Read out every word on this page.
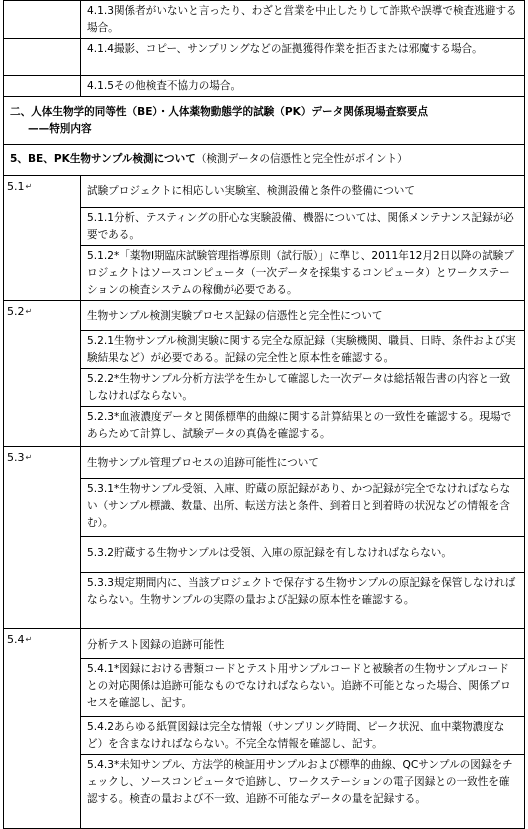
	4.1.3関係者がいないと言ったり、わざと営業を中止したりして詐欺や誤導で検査逃避する場合。
	4.1.4撮影、コピー、サンプリングなどの証拠獲得作業を拒否または邪魔する場合。
	4.1.5その他検査不協力の場合。

二、人体生物学的同等性（BE）・人体薬物動態学的試験（PK）データ関係現場査察要点
——特別内容	

5、BE、PK生物サンプル検測について（検測データの信憑性と完全性がポイント）	
5.1↵	試験プロジェクトに相応しい実験室、検測設備と条件の整備について
	5.1.1分析、テスティングの肝心な実験設備、機器については、関係メンテナンス記録が必要である。
	5.1.2*「薬物Ⅰ期臨床試験管理指導原則（試行版）」に準じ、2011年12月2日以降の試験プロジェクトはソースコンピュータ（一次データを採集するコンピュータ）とワークステーションの検査システムの稼働が必要である。
5.2↵	生物サンプル検測実験プロセス記録の信憑性と完全性について
	5.2.1生物サンプル検測実験に関する完全な原記録（実験機関、職員、日時、条件および実験結果など）が必要である。記録の完全性と原本性を確認する。
	5.2.2*生物サンプル分析方法学を生かして確認した一次データは総括報告書の内容と一致しなければならない。
	5.2.3*血液濃度データと関係標準的曲線に関する計算結果との一致性を確認する。現場であらためて計算し、試験データの真偽を確認する。
5.3↵	生物サンプル管理プロセスの追跡可能性について
	5.3.1*生物サンプル受領、入庫、貯蔵の原記録があり、かつ記録が完全でなければならない（サンプル標識、数量、出所、転送方法と条件、到着日と到着時の状況などの情報を含む）。
	5.3.2貯蔵する生物サンプルは受領、入庫の原記録を有しなければならない。
	5.3.3規定期間内に、当該プロジェクトで保存する生物サンプルの原記録を保管しなければならない。生物サンプルの実際の量および記録の原本性を確認する。
5.4↵	分析テスト図録の追跡可能性
	5.4.1*図録における書類コードとテスト用サンプルコードと被験者の生物サンプルコードとの対応関係は追跡可能なものでなければならない。追跡不可能となった場合、関係プロセスを確認し、記す。
	5.4.2あらゆる紙質図録は完全な情報（サンプリング時間、ピーク状況、血中薬物濃度など）を含まなければならない。不完全な情報を確認し、記す。
	5.4.3*未知サンプル、方法学的検証用サンプルおよび標準的曲線、QCサンプルの図録をチェックし、ソースコンピュータで追跡し、ワークステーションの電子図録との一致性を確認する。検査の量および不一致、追跡不可能なデータの量を記録する。
